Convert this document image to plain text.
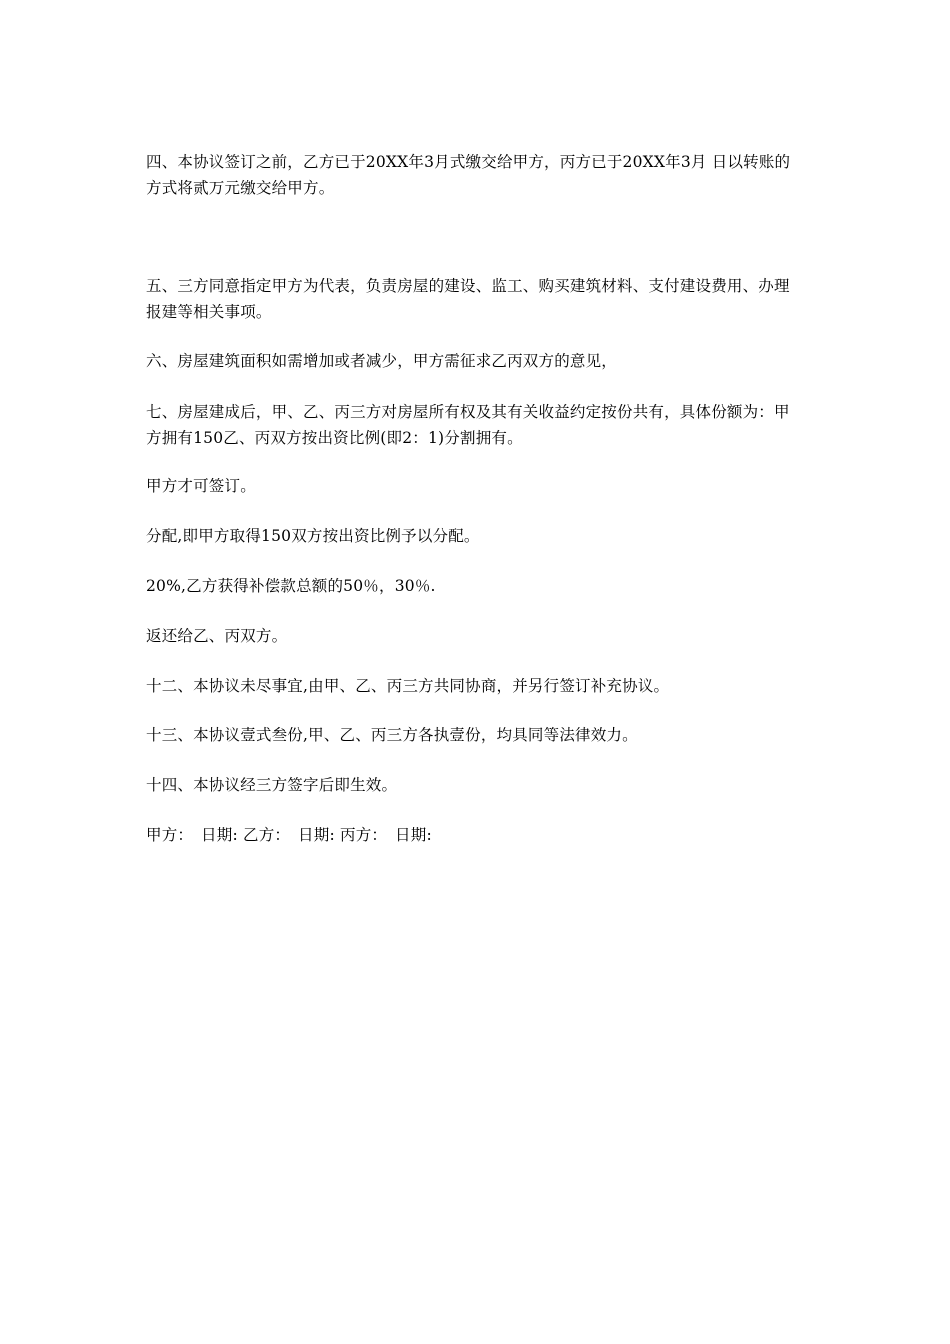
四、本协议签订之前，乙方已于20XX年3月式缴交给甲方，丙方已于20XX年3月 日以转账的方式将贰万元缴交给甲方。

五、三方同意指定甲方为代表，负责房屋的建设、监工、购买建筑材料、支付建设费用、办理报建等相关事项。

六、房屋建筑面积如需增加或者减少，甲方需征求乙丙双方的意见，

七、房屋建成后，甲、乙、丙三方对房屋所有权及其有关收益约定按份共有，具体份额为：甲方拥有150乙、丙双方按出资比例(即2：1)分割拥有。

甲方才可签订。

分配,即甲方取得150双方按出资比例予以分配。

20%,乙方获得补偿款总额的50％，30％.

返还给乙、丙双方。

十二、本协议未尽事宜,由甲、乙、丙三方共同协商，并另行签订补充协议。

十三、本协议壹式叁份,甲、乙、丙三方各执壹份，均具同等法律效力。

十四、本协议经三方签字后即生效。

甲方：　日期: 乙方：　日期: 丙方：　日期:
